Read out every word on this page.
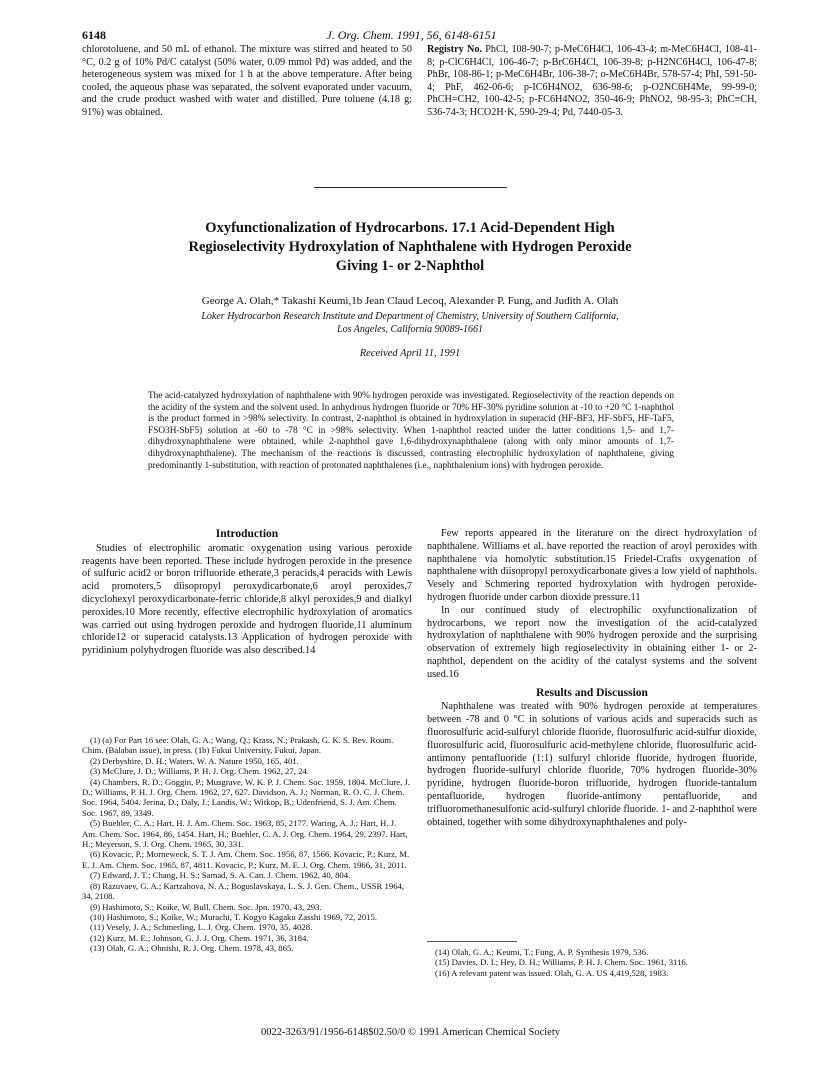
6148	J. Org. Chem. 1991, 56, 6148-6151
chlorotoluene, and 50 mL of ethanol. The mixture was stirred and heated to 50 °C, 0.2 g of 10% Pd/C catalyst (50% water, 0.09 mmol Pd) was added, and the heterogeneous system was mixed for 1 h at the above temperature. After being cooled, the aqueous phase was separated, the solvent evaporated under vacuum, and the crude product washed with water and distilled. Pure toluene (4.18 g; 91%) was obtained.
Registry No. PhCl, 108-90-7; p-MeC6H4Cl, 106-43-4; m-MeC6H4Cl, 108-41-8; p-ClC6H4Cl, 106-46-7; p-BrC6H4Cl, 106-39-8; p-H2NC6H4Cl, 106-47-8; PhBr, 108-86-1; p-MeC6H4Br, 106-38-7; o-MeC6H4Br, 578-57-4; PhI, 591-50-4; PhF, 462-06-6; p-IC6H4NO2, 636-98-6; p-O2NC6H4Me, 99-99-0; PhCH=CH2, 100-42-5; p-FC6H4NO2, 350-46-9; PhNO2, 98-95-3; PhC≡CH, 536-74-3; HCO2H·K, 590-29-4; Pd, 7440-05-3.
Oxyfunctionalization of Hydrocarbons. 17.1 Acid-Dependent High
Regioselectivity Hydroxylation of Naphthalene with Hydrogen Peroxide
Giving 1- or 2-Naphthol
George A. Olah,* Takashi Keumi,1b Jean Claud Lecoq, Alexander P. Fung, and Judith A. Olah
Loker Hydrocarbon Research Institute and Department of Chemistry, University of Southern California,
Los Angeles, California 90089-1661
Received April 11, 1991
The acid-catalyzed hydroxylation of naphthalene with 90% hydrogen peroxide was investigated. Regioselectivity of the reaction depends on the acidity of the system and the solvent used. In anhydrous hydrogen fluoride or 70% HF-30% pyridine solution at -10 to +20 °C 1-naphthol is the product formed in >98% selectivity. In contrast, 2-naphthol is obtained in hydroxylation in superacid (HF-BF3, HF-SbF5, HF-TaF5, FSO3H-SbF5) solution at -60 to -78 °C in >98% selectivity. When 1-naphthol reacted under the latter conditions 1,5- and 1,7-dihydroxynaphthalene were obtained, while 2-naphthol gave 1,6-dihydroxynaphthalene (along with only minor amounts of 1,7-dihydroxynaphthalene). The mechanism of the reactions is discussed, contrasting electrophilic hydroxylation of naphthalene, giving predominantly 1-substitution, with reaction of protonated naphthalenes (i.e., naphthalenium ions) with hydrogen peroxide.
Introduction

Studies of electrophilic aromatic oxygenation using various peroxide reagents have been reported. These include hydrogen peroxide in the presence of sulfuric acid2 or boron trifluoride etherate,3 peracids,4 peracids with Lewis acid promoters,5 diisopropyl peroxydicarbonate,6 aroyl peroxides,7 dicyclohexyl peroxydicarbonate-ferric chloride,8 alkyl peroxides,9 and dialkyl peroxides.10 More recently, effective electrophilic hydroxylation of aromatics was carried out using hydrogen peroxide and hydrogen fluoride,11 aluminum chloride12 or superacid catalysts.13 Application of hydrogen peroxide with pyridinium polyhydrogen fluoride was also described.14

Few reports appeared in the literature on the direct hydroxylation of naphthalene. Williams et al. have reported the reaction of aroyl peroxides with naphthalene via homolytic substitution.15 Friedel-Crafts oxygenation of naphthalene with diisopropyl peroxydicarbonate gives a low yield of naphthols. Vesely and Schmering reported hydroxylation with hydrogen peroxide-hydrogen fluoride under carbon dioxide pressure.11

In our continued study of electrophilic oxyfunctionalization of hydrocarbons, we report now the investigation of the acid-catalyzed hydroxylation of naphthalene with 90% hydrogen peroxide and the surprising observation of extremely high regioselectivity in obtaining either 1- or 2-naphthol, dependent on the acidity of the catalyst systems and the solvent used.16

Results and Discussion

Naphthalene was treated with 90% hydrogen peroxide at temperatures between -78 and 0 °C in solutions of various acids and superacids such as fluorosulfuric acid-sulfuryl chloride fluoride, fluorosulfuric acid-sulfur dioxide, fluorosulfuric acid, fluorosulfuric acid-methylene chloride, fluorosulfuric acid-antimony pentafluoride (1:1) sulfuryl chloride fluoride, hydrogen fluoride, hydrogen fluoride-sulfuryl chloride fluoride, 70% hydrogen fluoride-30% pyridine, hydrogen fluoride-boron trifluoride, hydrogen fluoride-tantalum pentafluoride, hydrogen fluoride-antimony pentafluoride, and trifluoromethanesulfonic acid-sulfuryl chloride fluoride. 1- and 2-naphthol were obtained, together with some dihydroxynaphthalenes and poly-

(1) (a) For Part 16 see: Olah, G. A.; Wang, Q.; Krass, N.; Prakash, G. K. S. Rev. Roum. Chim. (Balaban issue), in press. (1b) Fukui University, Fukui, Japan.

(2) Derbyshire, D. H.; Waters, W. A. Nature 1950, 165, 401.

(3) McClure, J. D.; Williams, P. H. J. Org. Chem. 1962, 27, 24.

(4) Chambers, R. D.; Goggin, P.; Musgrave, W. K. P. J. Chem. Soc. 1959, 1804. McClure, J. D.; Williams, P. H. J. Org. Chem. 1962, 27, 627. Davidson, A. J.; Norman, R. O. C. J. Chem. Soc. 1964, 5404. Jerina, D.; Daly, J.; Landis, W.; Witkop, B.; Udenfriend, S. J. Am. Chem. Soc. 1967, 89, 3349.

(5) Buehler, C. A.; Hart, H. J. Am. Chem. Soc. 1963, 85, 2177. Waring, A. J.; Hart, H. J. Am. Chem. Soc. 1964, 86, 1454. Hart, H.; Buehler, C. A. J. Org. Chem. 1964, 29, 2397. Hart, H.; Meyerson, S. J. Org. Chem. 1965, 30, 331.

(6) Kovacic, P.; Morneweck, S. T. J. Am. Chem. Soc. 1956, 87, 1566. Kovacic, P.; Kurz, M. E. J. Am. Chem. Soc. 1965, 87, 4811. Kovacic, P.; Kurz, M. E. J. Org. Chem. 1966, 31, 2011.

(7) Edward, J. T.; Chang, H. S.; Samad, S. A. Can. J. Chem. 1962, 40, 804.

(8) Razuvaev, G. A.; Kartzahova, N. A.; Boguslavskaya, L. S. J. Gen. Chem., USSR 1964, 34, 2108.

(9) Hashimoto, S.; Koike, W. Bull. Chem. Soc. Jpn. 1970, 43, 293.

(10) Hashimoto, S.; Koike, W.; Murachi, T. Kogyo Kagaku Zasshi 1969, 72, 2015.

(11) Vesely, J. A.; Schmerling, L. J. Org. Chem. 1970, 35, 4028.

(12) Kurz, M. E.; Johnson, G. J. J. Org. Chem. 1971, 36, 3184.

(13) Olah, G. A.; Ohnishi, R. J. Org. Chem. 1978, 43, 865.	(14) Olah, G. A.; Keumi, T.; Fung, A. P. Synthesis 1979, 536.

(15) Davies, D. I.; Hey, D. H.; Williams, P. H. J. Chem. Soc. 1961, 3116.

(16) A relevant patent was issued. Olah, G. A. US 4,419,528, 1983.

0022-3263/91/1956-6148$02.50/0 © 1991 American Chemical Society
